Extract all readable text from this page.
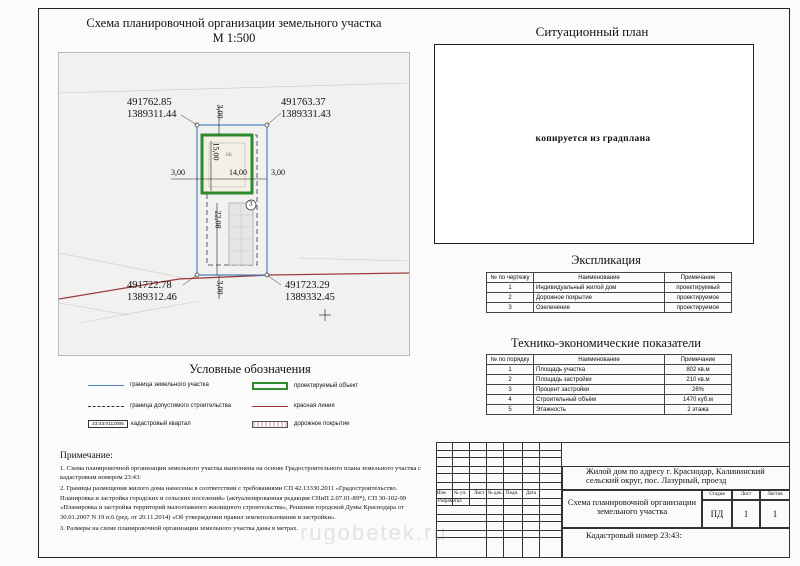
Схема планировочной организации земельного участка
М 1:500
491762.85
1389311.44
491763.37
1389331.43
491722.78
1389312.46
491723.29
1389332.45
3,00
15,00
3,00	14,00	3,00
22,08
3,00
3
1Ж
Ситуационный план
копируется из градплана
Экспликация
№ по чертежу	Наименование	Примечание
1	Индивидуальный жилой дом	проектируемый
2	Дорожное покрытие	проектируемое
3	Озеленение	проектируемое
Технико-экономические показатели
№ по порядку	Наименование	Примечание
1	Площадь участка	802 кв.м
2	Площадь застройки	210 кв.м
3	Процент застройки	26%
4	Строительный объём	1470 куб.м
5	Этажность	2 этажа
Условные обозначения
граница земельного участка
граница допустимого строительства
23:43:0112006	кадастровый квартал
проектируемый объект
красная линия
дорожное покрытие
Примечание:

1. Схема планировочной организации земельного участка выполнена на основе Градостроительного плана земельного участка с кадастровым номером 23:43:

2. Границы размещения жилого дома нанесены в соответствии с требованиями СП 42.13330.2011 «Градостроительство. Планировка и застройка городских и сельских поселений» (актуализированная редакция СНиП 2.07.01-89*), СП 30-102-99 «Планировка и застройка территорий малоэтажного жилищного строительства», Решения городской Думы Краснодара от 30.01.2007 N 19 п.6 (ред. от 20.11.2014) «Об утверждении правил землепользования и застройки».

3. Размеры на схеме планировочной организации земельного участка даны в метрах.

Изм № уч. Лист № док. Подп. Дата
Разработал
Жилой дом по адресу г. Краснодар, Калининский сельский округ, пос. Лазурный, проезд
Схема планировочной организации земельного участка
Стадия	Лист	Листов
ПД	1	1
Кадастровый номер 23:43:
rugobetek.ru
